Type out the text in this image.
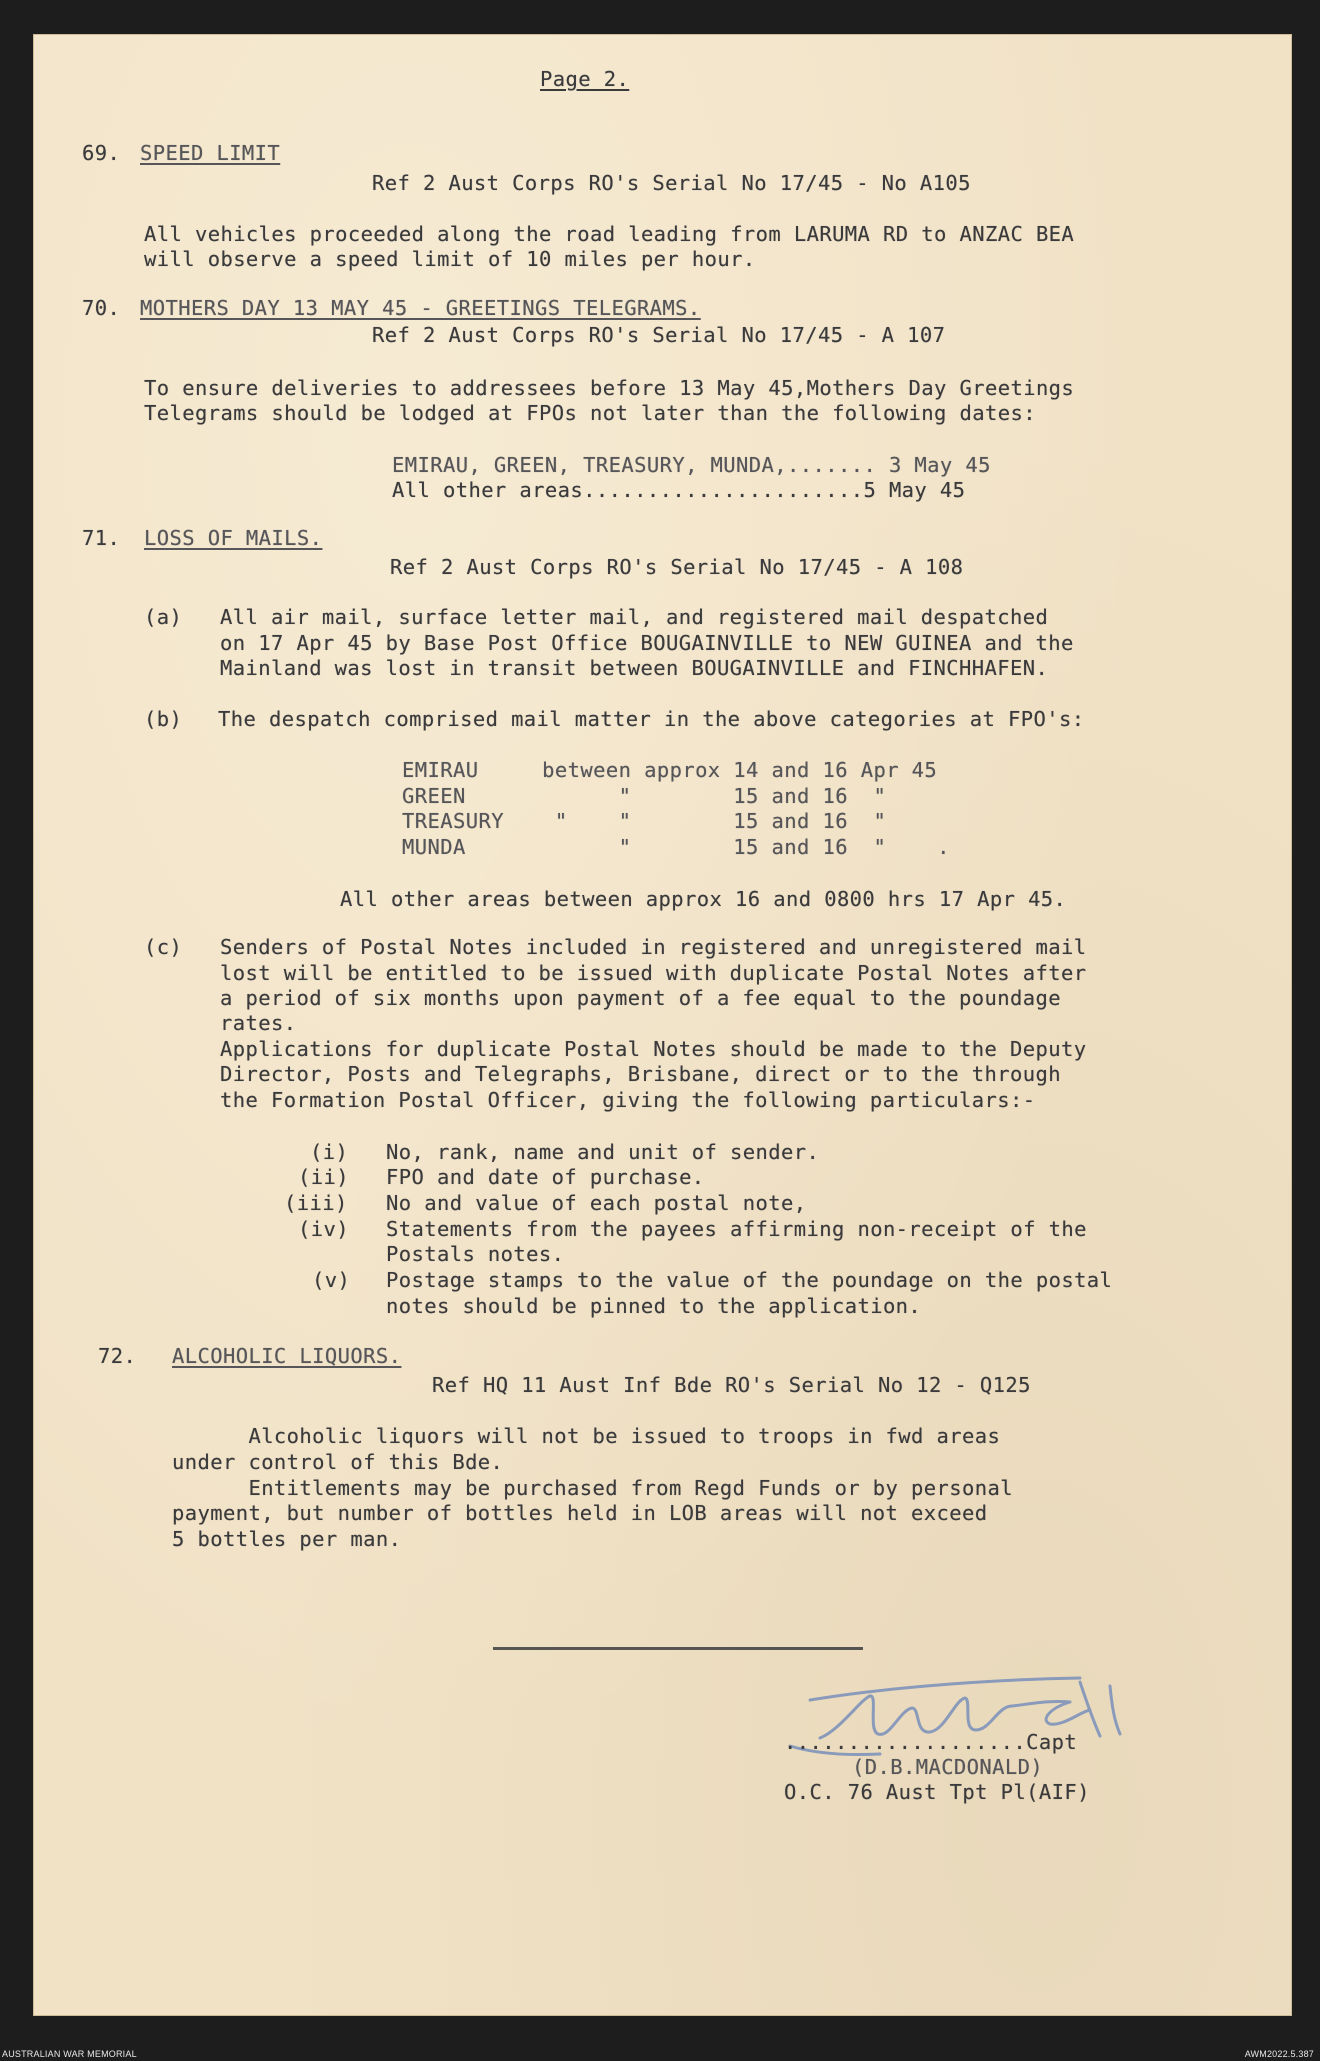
Page 2.
69. SPEED LIMIT
Ref 2 Aust Corps RO's Serial No 17/45 - No A105
All vehicles proceeded along the road leading from LARUMA RD to ANZAC BEA
will observe a speed limit of 10 miles per hour.
70. MOTHERS DAY 13 MAY 45 - GREETINGS TELEGRAMS.
Ref 2 Aust Corps RO's Serial No 17/45 - A 107
To ensure deliveries to addressees before 13 May 45,Mothers Day Greetings
Telegrams should be lodged at FPOs not later than the following dates:
EMIRAU, GREEN, TREASURY, MUNDA,....... 3 May 45
All other areas......................5 May 45
71. LOSS OF MAILS.
Ref 2 Aust Corps RO's Serial No 17/45 - A 108
(a) All air mail, surface letter mail, and registered mail despatched
on 17 Apr 45 by Base Post Office BOUGAINVILLE to NEW GUINEA and the
Mainland was lost in transit between BOUGAINVILLE and FINCHHAFEN.
(b) The despatch comprised mail matter in the above categories at FPO's:
EMIRAU     between approx 14 and 16 Apr 45
GREEN            "        15 and 16  "
TREASURY    "    "        15 and 16  "
MUNDA            "        15 and 16  "    .
All other areas between approx 16 and 0800 hrs 17 Apr 45.
(c) Senders of Postal Notes included in registered and unregistered mail
lost will be entitled to be issued with duplicate Postal Notes after
a period of six months upon payment of a fee equal to the poundage
rates.
Applications for duplicate Postal Notes should be made to the Deputy
Director, Posts and Telegraphs, Brisbane, direct or to the through
the Formation Postal Officer, giving the following particulars:-
(i) No, rank, name and unit of sender.
(ii) FPO and date of purchase.
(iii) No and value of each postal note,
(iv) Statements from the payees affirming non-receipt of the
Postals notes.
(v) Postage stamps to the value of the poundage on the postal
notes should be pinned to the application.
72. ALCOHOLIC LIQUORS.
Ref HQ 11 Aust Inf Bde RO's Serial No 12 - Q125
Alcoholic liquors will not be issued to troops in fwd areas
under control of this Bde.
Entitlements may be purchased from Regd Funds or by personal
payment, but number of bottles held in LOB areas will not exceed
5 bottles per man.
...................Capt
(D.B.MACDONALD)
O.C. 76 Aust Tpt Pl(AIF)
AUSTRALIAN WAR MEMORIAL	AWM2022.5.387
